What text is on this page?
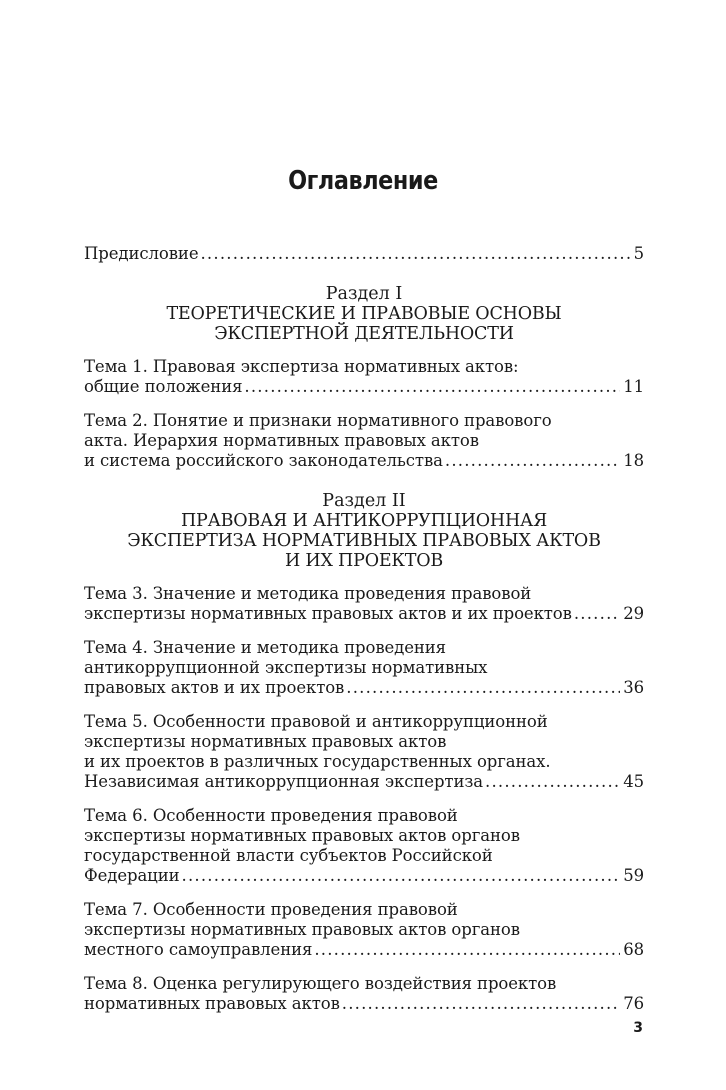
Оглавление
Предисловие .....	5
Раздел I
ТЕОРЕТИЧЕСКИЕ И ПРАВОВЫЕ ОСНОВЫ
ЭКСПЕРТНОЙ ДЕЯТЕЛЬНОСТИ
Тема 1. Правовая экспертиза нормативных актов:
общие положения .....	11
Тема 2. Понятие и признаки нормативного правового
акта. Иерархия нормативных правовых актов
и система российского законодательства .....	18
Раздел II
ПРАВОВАЯ И АНТИКОРРУПЦИОННАЯ
ЭКСПЕРТИЗА НОРМАТИВНЫХ ПРАВОВЫХ АКТОВ
И ИХ ПРОЕКТОВ
Тема 3. Значение и методика проведения правовой
экспертизы нормативных правовых актов и их проектов .....	29
Тема 4. Значение и методика проведения
антикоррупционной экспертизы нормативных
правовых актов и их проектов .....	36
Тема 5. Особенности правовой и антикоррупционной
экспертизы нормативных правовых актов
и их проектов в различных государственных органах.
Независимая антикоррупционная экспертиза .....	45
Тема 6. Особенности проведения правовой
экспертизы нормативных правовых актов органов
государственной власти субъектов Российской
Федерации .....	59
Тема 7. Особенности проведения правовой
экспертизы нормативных правовых актов органов
местного самоуправления .....	68
Тема 8. Оценка регулирующего воздействия проектов
нормативных правовых актов .....	76
3
